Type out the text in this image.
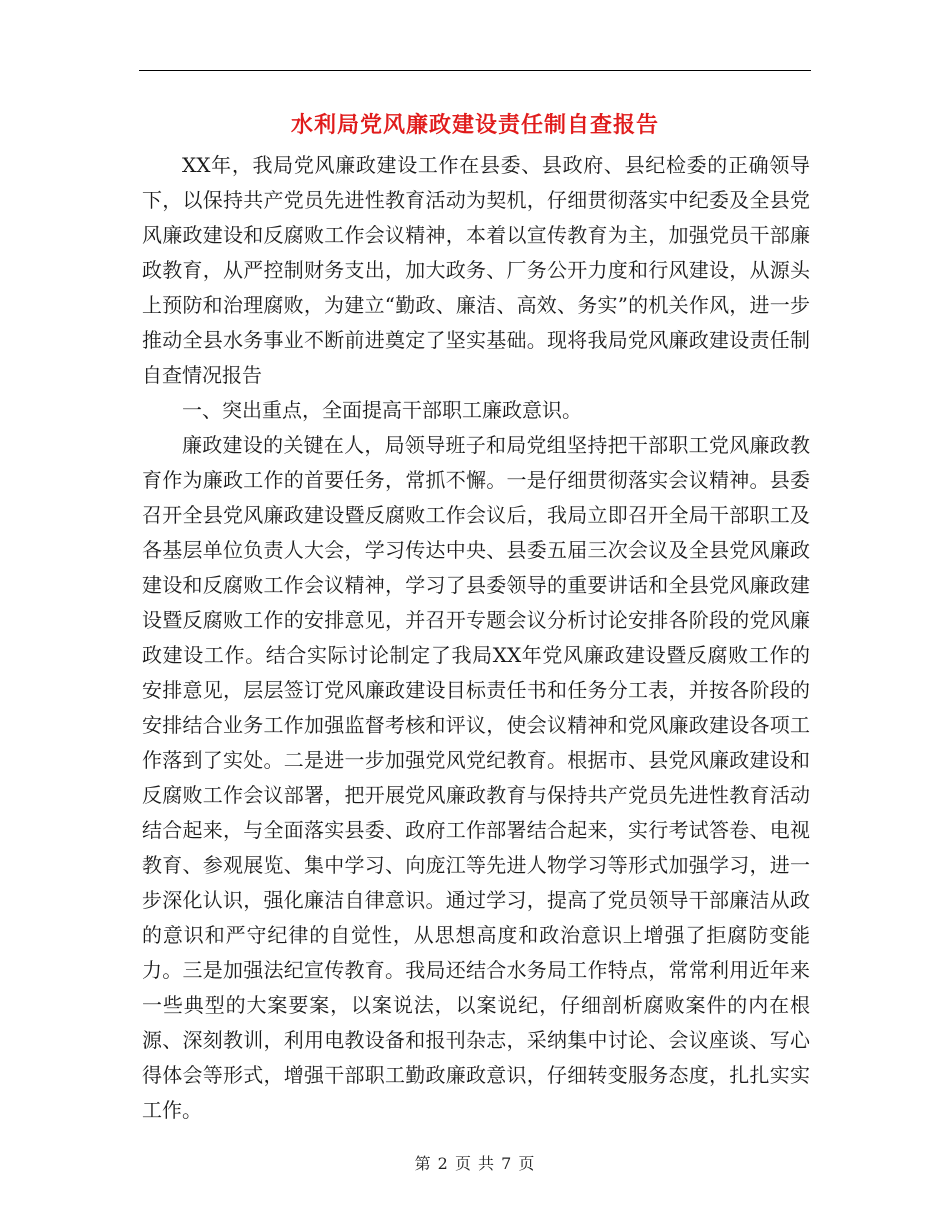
水利局党风廉政建设责任制自查报告

XX年，我局党风廉政建设工作在县委、县政府、县纪检委的正确领导下，以保持共产党员先进性教育活动为契机，仔细贯彻落实中纪委及全县党风廉政建设和反腐败工作会议精神，本着以宣传教育为主，加强党员干部廉政教育，从严控制财务支出，加大政务、厂务公开力度和行风建设，从源头上预防和治理腐败，为建立“勤政、廉洁、高效、务实”的机关作风，进一步推动全县水务事业不断前进奠定了坚实基础。现将我局党风廉政建设责任制自查情况报告

一、突出重点，全面提高干部职工廉政意识。

廉政建设的关键在人，局领导班子和局党组坚持把干部职工党风廉政教育作为廉政工作的首要任务，常抓不懈。一是仔细贯彻落实会议精神。县委召开全县党风廉政建设暨反腐败工作会议后，我局立即召开全局干部职工及各基层单位负责人大会，学习传达中央、县委五届三次会议及全县党风廉政建设和反腐败工作会议精神，学习了县委领导的重要讲话和全县党风廉政建设暨反腐败工作的安排意见，并召开专题会议分析讨论安排各阶段的党风廉政建设工作。结合实际讨论制定了我局XX年党风廉政建设暨反腐败工作的安排意见，层层签订党风廉政建设目标责任书和任务分工表，并按各阶段的安排结合业务工作加强监督考核和评议，使会议精神和党风廉政建设各项工作落到了实处。二是进一步加强党风党纪教育。根据市、县党风廉政建设和反腐败工作会议部署，把开展党风廉政教育与保持共产党员先进性教育活动结合起来，与全面落实县委、政府工作部署结合起来，实行考试答卷、电视教育、参观展览、集中学习、向庞江等先进人物学习等形式加强学习，进一步深化认识，强化廉洁自律意识。通过学习，提高了党员领导干部廉洁从政的意识和严守纪律的自觉性，从思想高度和政治意识上增强了拒腐防变能力。三是加强法纪宣传教育。我局还结合水务局工作特点，常常利用近年来一些典型的大案要案，以案说法，以案说纪，仔细剖析腐败案件的内在根源、深刻教训，利用电教设备和报刊杂志，采纳集中讨论、会议座谈、写心得体会等形式，增强干部职工勤政廉政意识，仔细转变服务态度，扎扎实实工作。

第 2 页 共 7 页
